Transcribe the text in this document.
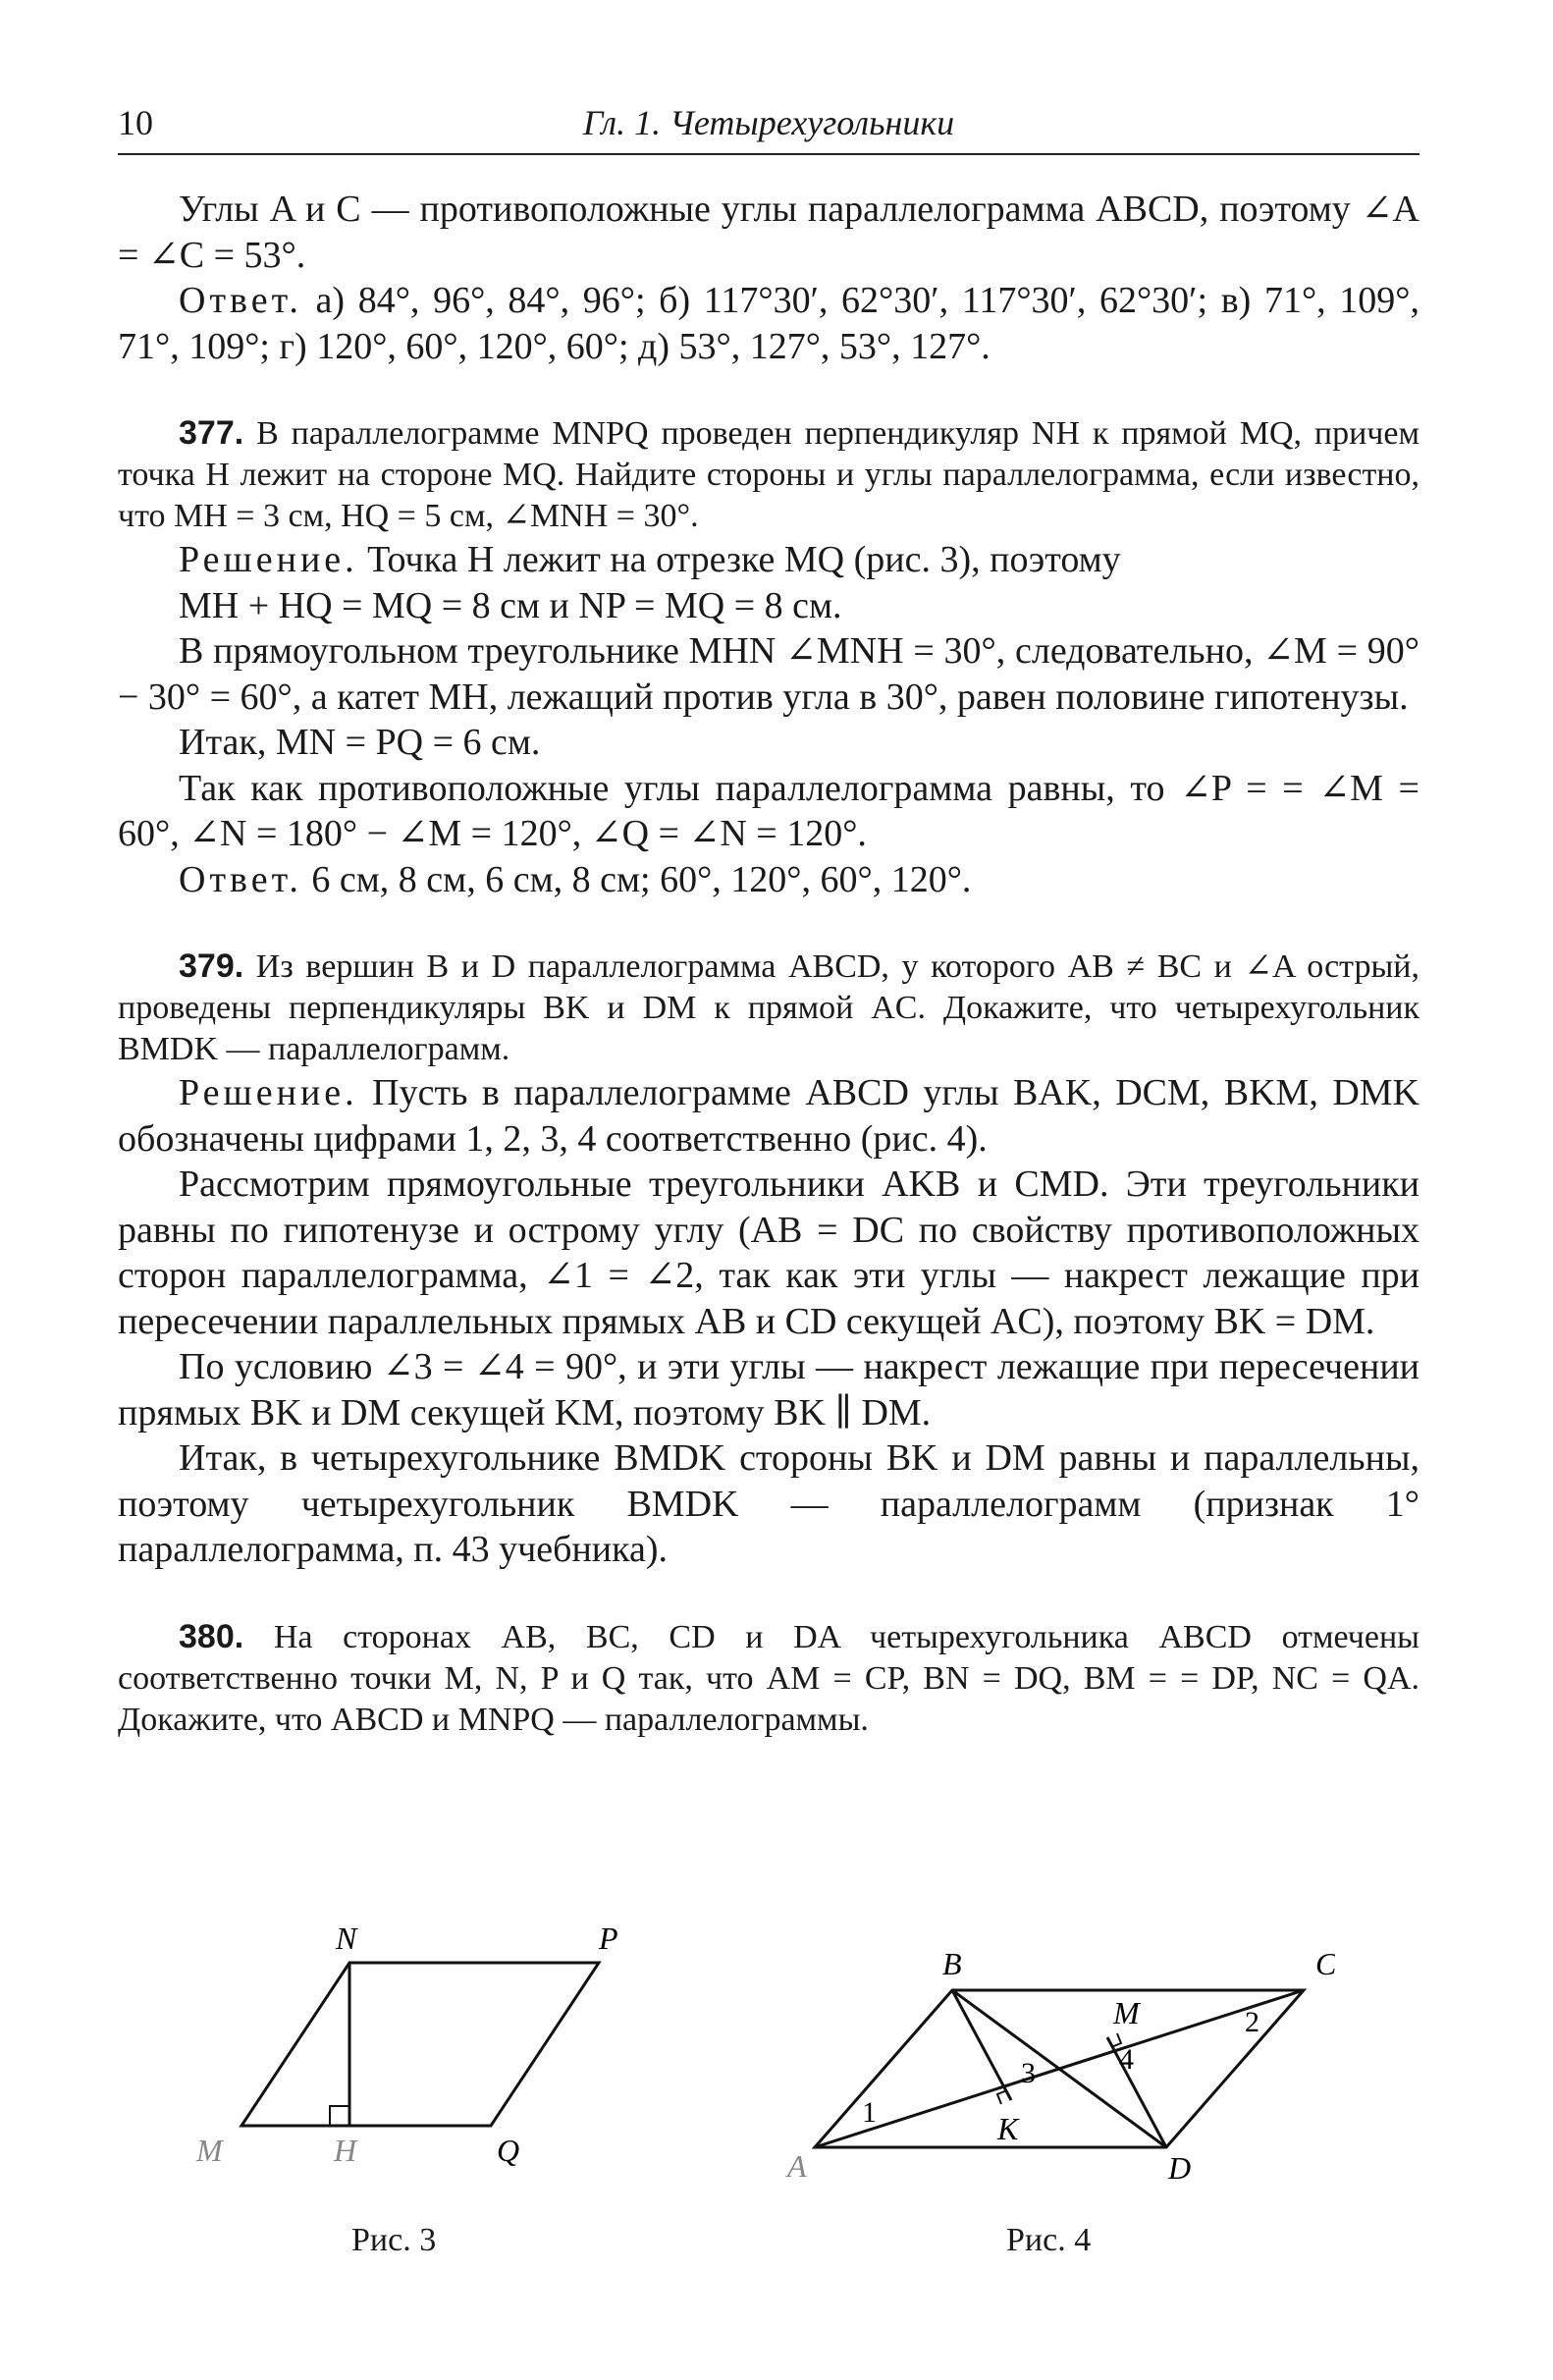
10	Гл. 1. Четырехугольники

Углы A и C — противоположные углы параллелограмма ABCD, поэтому ∠A = ∠C = 53°.

Ответ. а) 84°, 96°, 84°, 96°; б) 117°30′, 62°30′, 117°30′, 62°30′; в) 71°, 109°, 71°, 109°; г) 120°, 60°, 120°, 60°; д) 53°, 127°, 53°, 127°.

377. В параллелограмме MNPQ проведен перпендикуляр NH к прямой MQ, причем точка H лежит на стороне MQ. Найдите стороны и углы параллелограмма, если известно, что MH = 3 см, HQ = 5 см, ∠MNH = 30°.

Решение. Точка H лежит на отрезке MQ (рис. 3), поэтому

MH + HQ = MQ = 8 см и NP = MQ = 8 см.

В прямоугольном треугольнике MHN ∠MNH = 30°, следовательно, ∠M = 90° − 30° = 60°, а катет MH, лежащий против угла в 30°, равен половине гипотенузы.

Итак, MN = PQ = 6 см.

Так как противоположные углы параллелограмма равны, то ∠P = = ∠M = 60°, ∠N = 180° − ∠M = 120°, ∠Q = ∠N = 120°.

Ответ. 6 см, 8 см, 6 см, 8 см; 60°, 120°, 60°, 120°.

379. Из вершин B и D параллелограмма ABCD, у которого AB ≠ BC и ∠A острый, проведены перпендикуляры BK и DM к прямой AC. Докажите, что четырехугольник BMDK — параллелограмм.

Решение. Пусть в параллелограмме ABCD углы BAK, DCM, BKM, DMK обозначены цифрами 1, 2, 3, 4 соответственно (рис. 4).

Рассмотрим прямоугольные треугольники AKB и CMD. Эти треугольники равны по гипотенузе и острому углу (AB = DC по свойству противоположных сторон параллелограмма, ∠1 = ∠2, так как эти углы — накрест лежащие при пересечении параллельных прямых AB и CD секущей AC), поэтому BK = DM.

По условию ∠3 = ∠4 = 90°, и эти углы — накрест лежащие при пересечении прямых BK и DM секущей KM, поэтому BK ∥ DM.

Итак, в четырехугольнике BMDK стороны BK и DM равны и параллельны, поэтому четырехугольник BMDK — параллелограмм (признак 1° параллелограмма, п. 43 учебника).

380. На сторонах AB, BC, CD и DA четырехугольника ABCD отмечены соответственно точки M, N, P и Q так, что AM = CP, BN = DQ, BM = = DP, NC = QA. Докажите, что ABCD и MNPQ — параллелограммы.

N	P
M	H	Q
Рис. 3
B	C
A	D
K
M
1
2
3	4
Рис. 4
